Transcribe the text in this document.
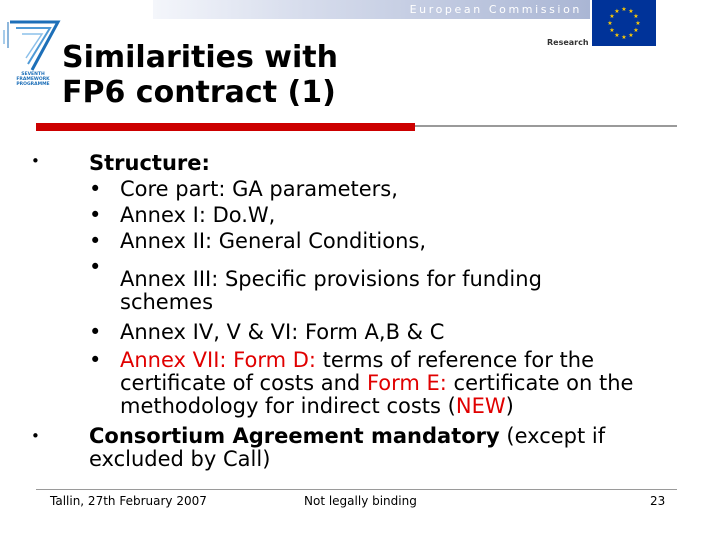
European Commission	★ ★
★
★
★
★
★
★
★
★
★
★
Research
SEVENTH FRAMEWORK PROGRAMME
Similarities with
FP6 contract (1)
• Structure:
• Core part: GA parameters,
• Annex I: Do.W,
• Annex II: General Conditions,
• Annex III: Specific provisions for funding schemes
• Annex IV, V & VI: Form A,B & C
• Annex VII: Form D: terms of reference for the certificate of costs and Form E: certificate on the methodology for indirect costs (NEW)
• Consortium Agreement mandatory (except if excluded by Call)
Tallin, 27th February 2007	Not legally binding	23
